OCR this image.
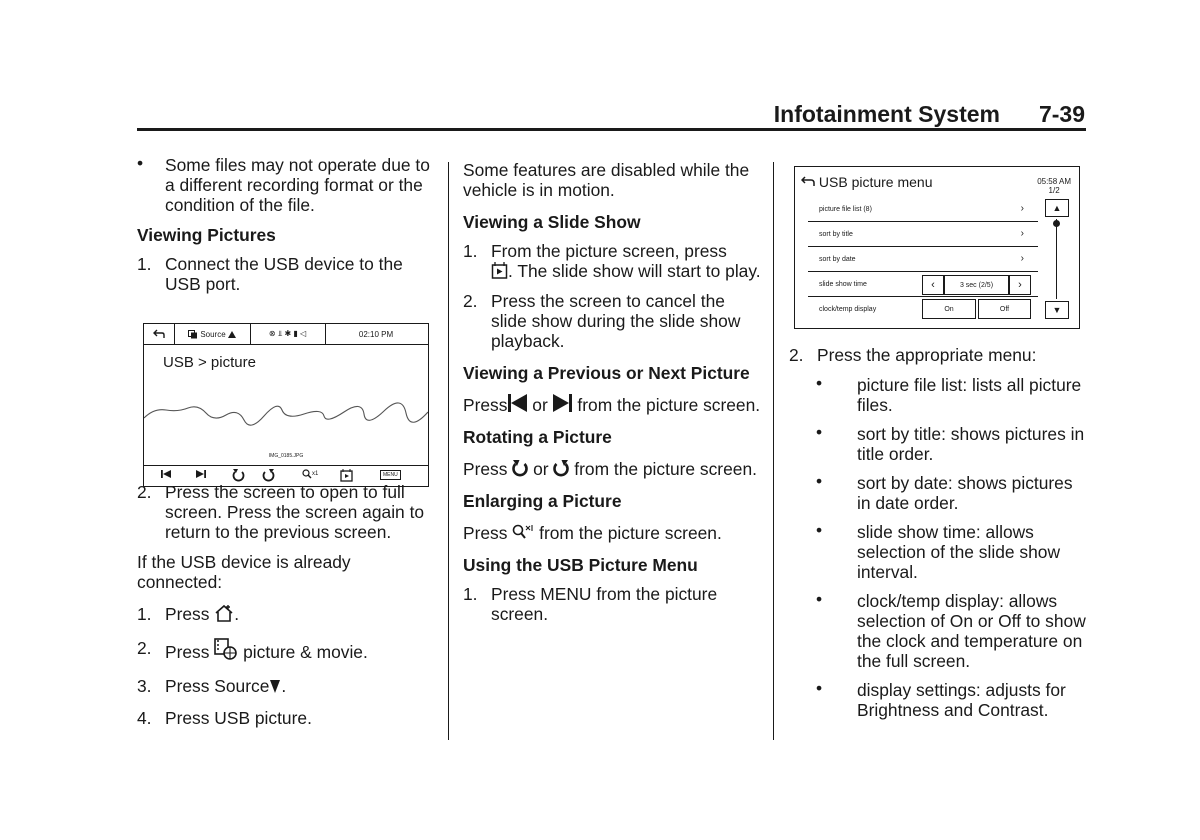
Infotainment System 7-39
• Some files may not operate due to a different recording format or the condition of the file.
Viewing Pictures
1. Connect the USB device to the USB port.
2. Press the screen to open to full screen. Press the screen again to return to the previous screen.
If the USB device is already connected:
1. Press .
2. Press  picture & movie.
3. Press Source .
4. Press USB picture.
Source	⊗ ⫫ ✱ ▮ ◁	02:10 PM
USB > picture
IMG_0185.JPG
$^{x1}$	MENU
Some features are disabled while the vehicle is in motion.
Viewing a Slide Show
1. From the picture screen, press
. The slide show will start to play.
2. Press the screen to cancel the slide show during the slide show playback.
Viewing a Previous or Next Picture
Press or  from the picture screen.
Rotating a Picture
Press  or  from the picture screen.
Enlarging a Picture
Press  from the picture screen.
Using the USB Picture Menu
1. Press MENU from the picture screen.
USB picture menu	05:58 AM
1/2
picture file list (8)	›
sort by title	›
sort by date	›
slide show time	‹	3 sec (2/5)	›
clock/temp display	On	Off
▲
▼
2. Press the appropriate menu:
• picture file list: lists all picture files.
• sort by title: shows pictures in title order.
• sort by date: shows pictures in date order.
• slide show time: allows selection of the slide show interval.
• clock/temp display: allows selection of On or Off to show the clock and temperature on the full screen.
• display settings: adjusts for Brightness and Contrast.
